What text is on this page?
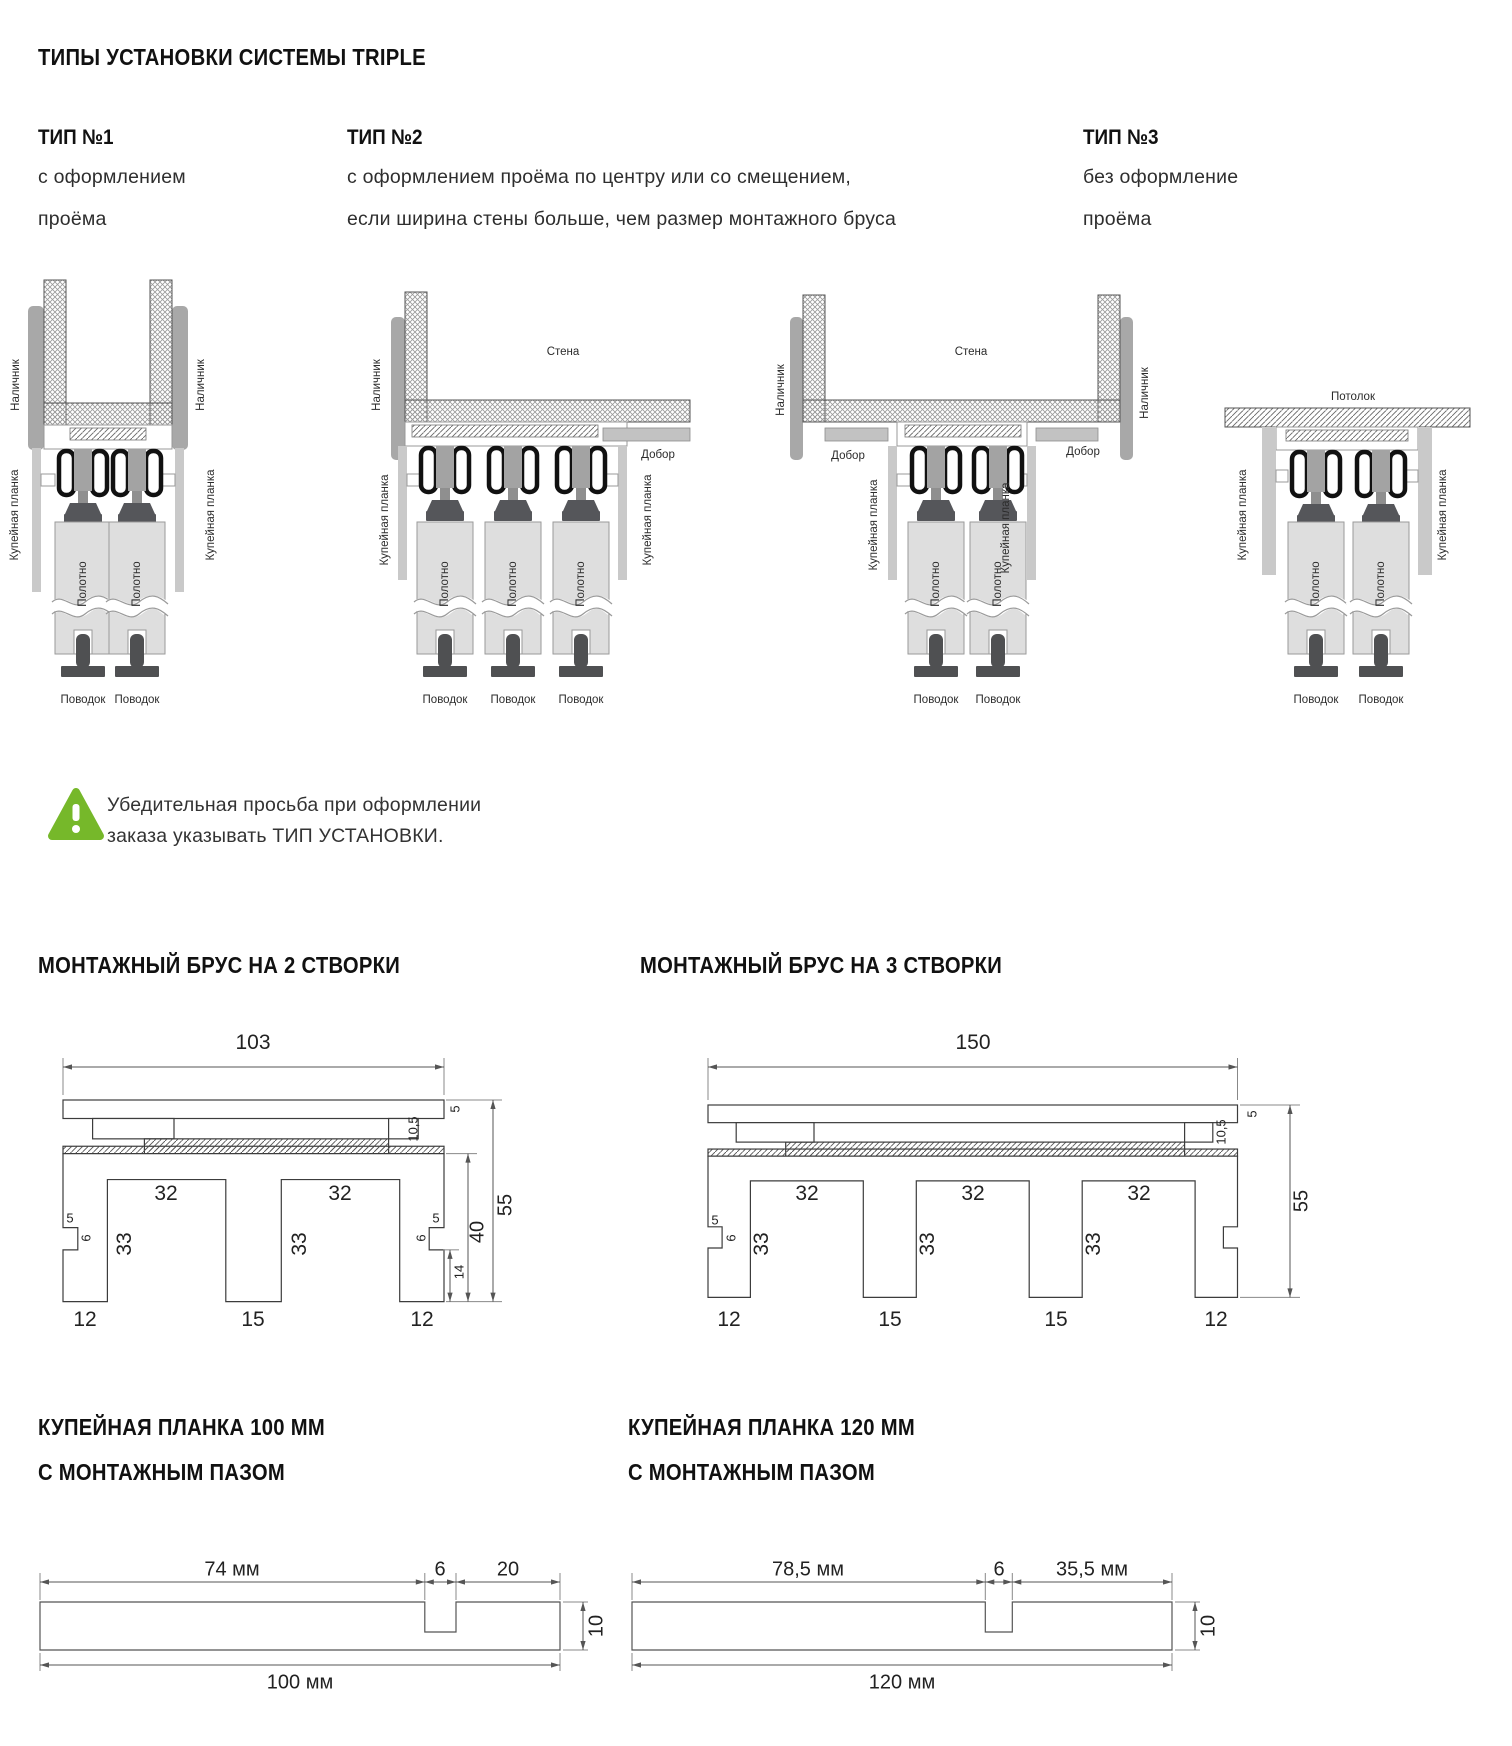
ТИПЫ УСТАНОВКИ СИСТЕМЫ TRIPLE
ТИП №1
с оформлением
проёма
ТИП №2
с оформлением проёма по центру или со смещением,
если ширина стены больше, чем размер монтажного бруса
ТИП №3
без оформление
проёма
Наличник	Наличник
Купейная планка	Купейная планка
Полотно	Полотно
Поводок Поводок
Наличник
Стена
Добор
Купейная планка	Купейная планка
Полотно	Полотно	Полотно
Поводок Поводок Поводок
Наличник	Наличник
Стена
Добор	Добор
Купейная планка	Купейная планка
Полотно	Полотно
Поводок Поводок
Потолок
Купейная планка	Купейная планка
Полотно	Полотно
Поводок Поводок
Убедительная просьба при оформлении
заказа указывать ТИП УСТАНОВКИ.
МОНТАЖНЫЙ БРУС НА 2 СТВОРКИ	МОНТАЖНЫЙ БРУС НА 3 СТВОРКИ
103
5
10,5
55
40
14
32	32
33	33
5
6
5
6
12	15	12
150
5
10,5
55
32	32	32
33	33	33
5
6
12	15	15	12
КУПЕЙНАЯ ПЛАНКА 100 ММ
С МОНТАЖНЫМ ПАЗОМ
КУПЕЙНАЯ ПЛАНКА 120 ММ
С МОНТАЖНЫМ ПАЗОМ
74 мм	6	20
10
100 мм
78,5 мм	6	35,5 мм
10
120 мм
